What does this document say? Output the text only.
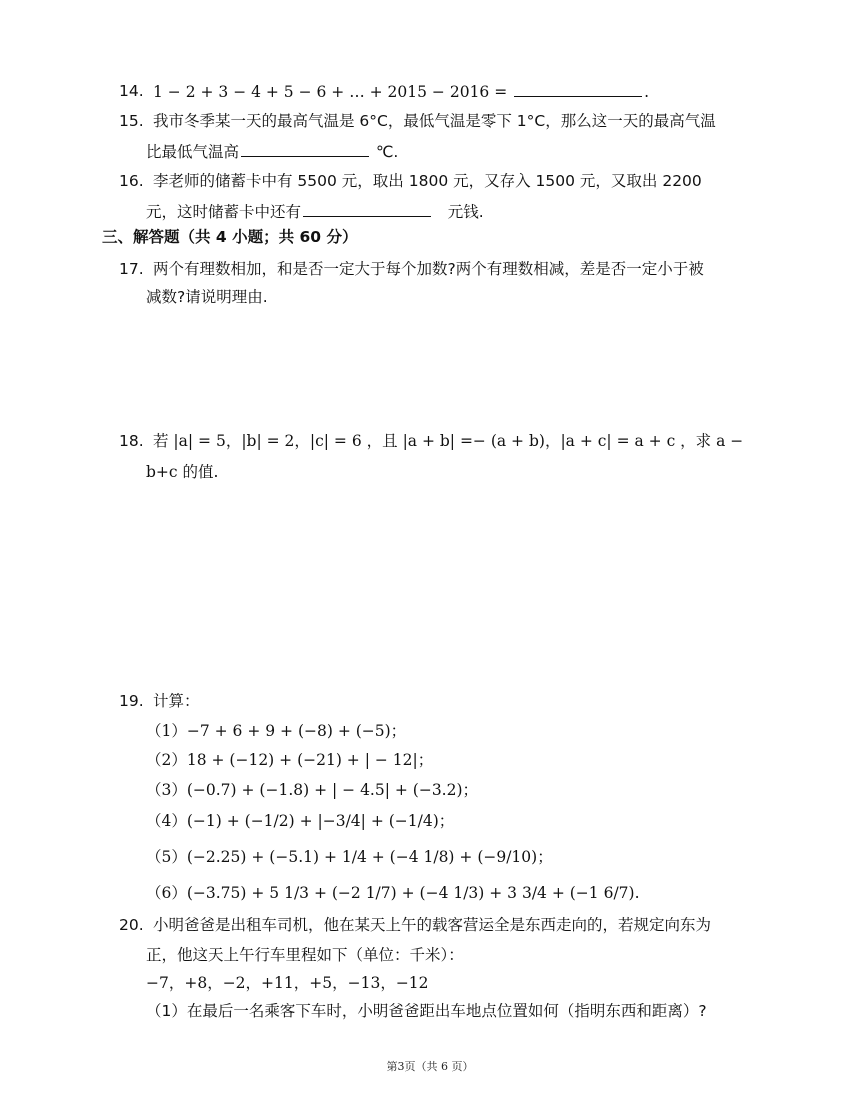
14. 1 − 2 + 3 − 4 + 5 − 6 + … + 2015 − 2016 =	.
15. 我市冬季某一天的最高气温是 6°C，最低气温是零下 1°C，那么这一天的最高气温
比最低气温高	℃.
16. 李老师的储蓄卡中有 5500 元，取出 1800 元，又存入 1500 元，又取出 2200
元，这时储蓄卡中还有	元钱.
三、解答题（共 4 小题；共 60 分）
17. 两个有理数相加，和是否一定大于每个加数?两个有理数相减，差是否一定小于被
减数?请说明理由.
18. 若 |a| = 5，|b| = 2，|c| = 6 ，且 |a + b| =− (a + b)，|a + c| = a + c ，求 a −
b+c 的值.
19. 计算：
（1）−7 + 6 + 9 + (−8) + (−5)；
（2）18 + (−12) + (−21) + | − 12|；
（3）(−0.7) + (−1.8) + | − 4.5| + (−3.2)；
（4）(−1) + (−1/2) + |−3/4| + (−1/4)；
（5）(−2.25) + (−5.1) + 1/4 + (−4 1/8) + (−9/10)；
（6）(−3.75) + 5 1/3 + (−2 1/7) + (−4 1/3) + 3 3/4 + (−1 6/7).
20. 小明爸爸是出租车司机，他在某天上午的载客营运全是东西走向的，若规定向东为
正，他这天上午行车里程如下（单位：千米）：
−7，+8，−2，+11，+5，−13，−12
（1）在最后一名乘客下车时，小明爸爸距出车地点位置如何（指明东西和距离）?
第3页（共 6 页）
